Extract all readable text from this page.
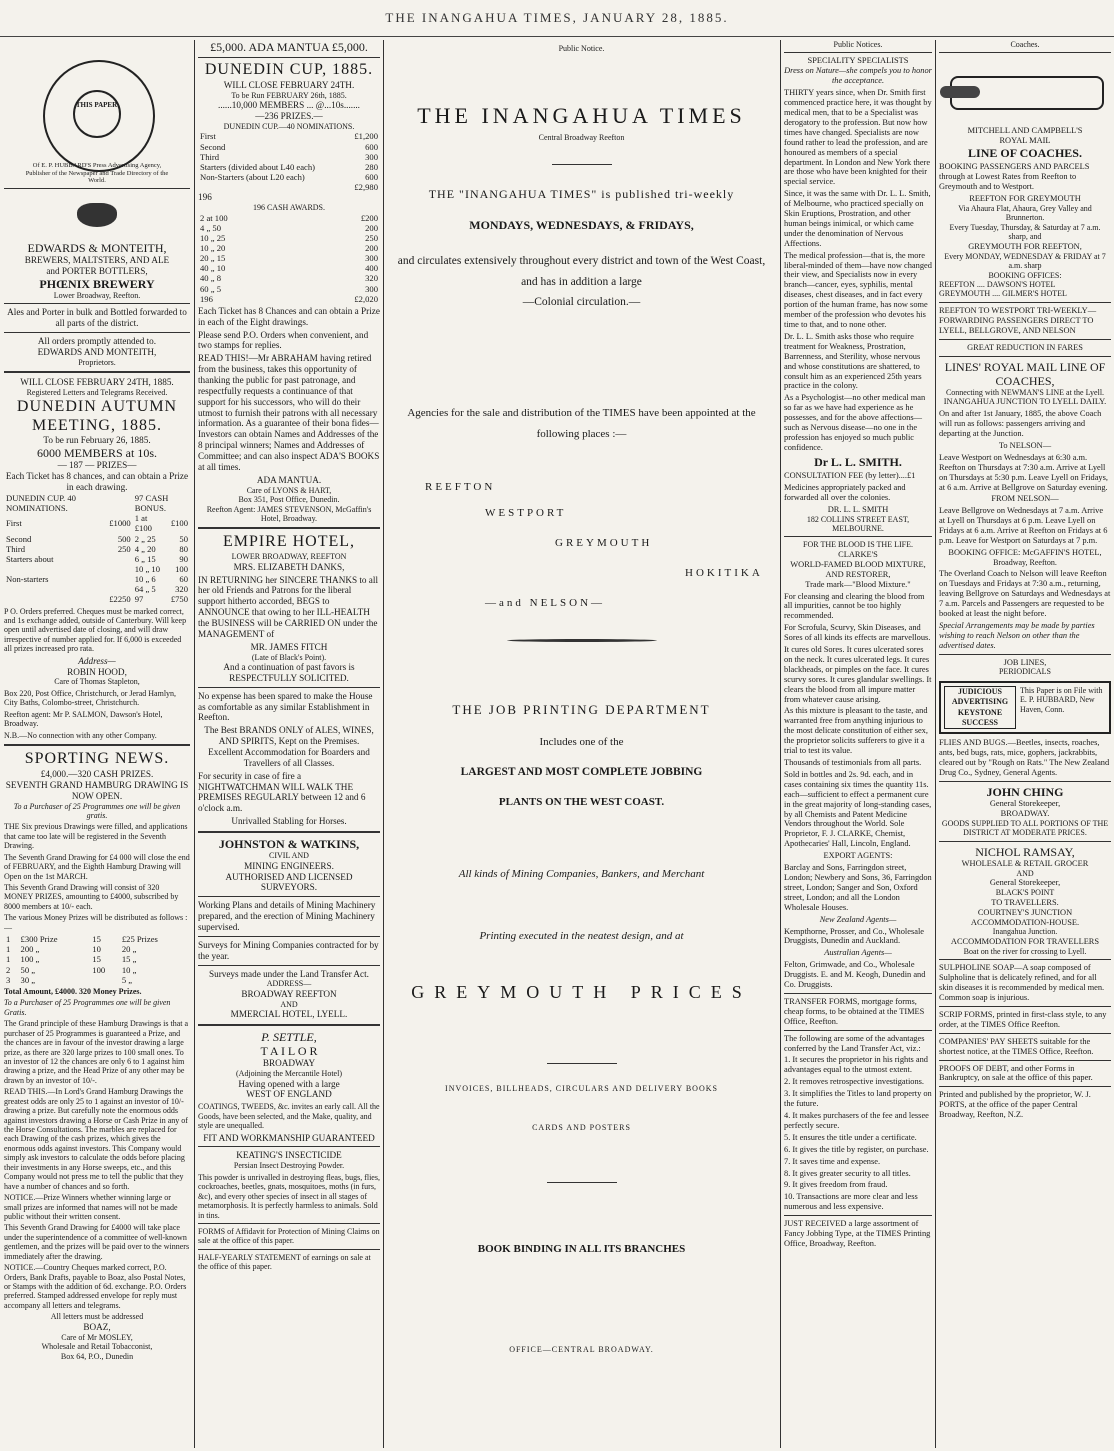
THE INANGAHUA TIMES, JANUARY 28, 1885.
THIS PAPER
Of E. P. HUBBARD'S Press Advertising Agency, Publisher of the Newspaper and Trade Directory of the World.
EDWARDS & MONTEITH,
BREWERS, MALTSTERS, AND ALE
and PORTER BOTTLERS,
PHŒNIX BREWERY
Lower Broadway, Reefton.
Ales and Porter in bulk and Bottled forwarded to all parts of the district.
All orders promptly attended to.
EDWARDS AND MONTEITH,
Proprietors.
WILL CLOSE FEBRUARY 24TH, 1885.
Registered Letters and Telegrams Received.
DUNEDIN AUTUMN MEETING, 1885.
To be run February 26, 1885.
6000 MEMBERS at 10s.
— 187 — PRIZES—
Each Ticket has 8 chances, and can obtain a Prize in each drawing.
DUNEDIN CUP. 40 NOMINATIONS.		97 CASH BONUS.	
First	£1000	1 at £100	£100
Second	500	2 „ 25	50
Third	250	4 „ 20	80
Starters about		6 „ 15	90
		10 „ 10	100
Non-starters		10 „ 6	60
		64 „ 5	320
	£2250	97	£750
P O. Orders preferred. Cheques must be marked correct, and 1s exchange added, outside of Canterbury. Will keep open until advertised date of closing, and will draw irrespective of number applied for. If 6,000 is exceeded all prizes increased pro rata.
Address—
ROBIN HOOD,
Care of Thomas Stapleton,
Box 220, Post Office, Christchurch, or Jerad Hamlyn, City Baths, Colombo-street, Christchurch.
Reefton agent: Mr P. SALMON, Dawson's Hotel, Broadway.
N.B.—No connection with any other Company.
SPORTING NEWS.
£4,000.—320 CASH PRIZES.
SEVENTH GRAND HAMBURG DRAWING IS NOW OPEN.
To a Purchaser of 25 Programmes one will be given gratis.
THE Six previous Drawings were filled, and applications that came too late will be registered in the Seventh Drawing.
The Seventh Grand Drawing for £4 000 will close the end of FEBRUARY, and the Eighth Hamburg Drawing will Open on the 1st MARCH.
This Seventh Grand Drawing will consist of 320 MONEY PRIZES, amounting to £4000, subscribed by 8000 members at 10/- each.
The various Money Prizes will be distributed as follows :—
1	£300 Prize	15	£25 Prizes
1	200 „	10	20 „
1	100 „	15	15 „
2	50 „	100	10 „
3	30 „		5 „
Total Amount, £4000. 320 Money Prizes.
To a Purchaser of 25 Programmes one will be given Gratis.
The Grand principle of these Hamburg Drawings is that a purchaser of 25 Programmes is guaranteed a Prize, and the chances are in favour of the investor drawing a large prize, as there are 320 large prizes to 100 small ones. To an investor of 12 the chances are only 6 to 1 against him drawing a prize, and the Head Prize of any other may be drawn by an investor of 10/-.
READ THIS.—In Lord's Grand Hamburg Drawings the greatest odds are only 25 to 1 against an investor of 10/- drawing a prize. But carefully note the enormous odds against investors drawing a Horse or Cash Prize in any of the Horse Consultations. The marbles are replaced for each Drawing of the cash prizes, which gives the enormous odds against investors. This Company would simply ask investors to calculate the odds before placing their investments in any Horse sweeps, etc., and this Company would not press me to tell the public that they have a number of chances and so forth.
NOTICE.—Prize Winners whether winning large or small prizes are informed that names will not be made public without their written consent.
This Seventh Grand Drawing for £4000 will take place under the superintendence of a committee of well-known gentlemen, and the prizes will be paid over to the winners immediately after the drawing.
NOTICE.—Country Cheques marked correct, P.O. Orders, Bank Drafts, payable to Boaz, also Postal Notes, or Stamps with the addition of 6d. exchange. P.O. Orders preferred. Stamped addressed envelope for reply must accompany all letters and telegrams.
All letters must be addressed
BOAZ,
Care of Mr MOSLEY,
Wholesale and Retail Tobacconist,
Box 64, P.O., Dunedin
£5,000. ADA MANTUA £5,000.
DUNEDIN CUP, 1885.
WILL CLOSE FEBRUARY 24TH.
To be Run FEBRUARY 26th, 1885.
......10,000 MEMBERS ... @...10s.......
—236 PRIZES.—
DUNEDIN CUP.—40 NOMINATIONS.
First	£1,200
Second	600
Third	300
Starters (divided about L40 each)	280
Non-Starters (about L20 each)	600
	£2,980
196
196 CASH AWARDS.
2 at 100	£200
4 „ 50	200
10 „ 25	250
10 „ 20	200
20 „ 15	300
40 „ 10	400
40 „ 8	320
60 „ 5	300
196	£2,020
Each Ticket has 8 Chances and can obtain a Prize in each of the Eight drawings.
Please send P.O. Orders when convenient, and two stamps for replies.
READ THIS!—Mr ABRAHAM having retired from the business, takes this opportunity of thanking the public for past patronage, and respectfully requests a continuance of that support for his successors, who will do their utmost to furnish their patrons with all necessary information. As a guarantee of their bona fides—Investors can obtain Names and Addresses of the 8 principal winners; Names and Addresses of Committee; and can also inspect ADA'S BOOKS at all times.
ADA MANTUA.
Care of LYONS & HART,
Box 351, Post Office, Dunedin.
Reefton Agent: JAMES STEVENSON, McGaffin's Hotel, Broadway.
EMPIRE HOTEL,
LOWER BROADWAY, REEFTON
MRS. ELIZABETH DANKS,
IN RETURNING her SINCERE THANKS to all her old Friends and Patrons for the liberal support hitherto accorded, BEGS to ANNOUNCE that owing to her ILL-HEALTH the BUSINESS will be CARRIED ON under the MANAGEMENT of
MR. JAMES FITCH
(Late of Black's Point).
And a continuation of past favors is RESPECTFULLY SOLICITED.
No expense has been spared to make the House as comfortable as any similar Establishment in Reefton.
The Best BRANDS ONLY of ALES, WINES, AND SPIRITS, Kept on the Premises.
Excellent Accommodation for Boarders and Travellers of all Classes.
For security in case of fire a NIGHTWATCHMAN WILL WALK THE PREMISES REGULARLY between 12 and 6 o'clock a.m.
Unrivalled Stabling for Horses.
JOHNSTON & WATKINS,
CIVIL AND
MINING ENGINEERS.
AUTHORISED AND LICENSED SURVEYORS.
Working Plans and details of Mining Machinery prepared, and the erection of Mining Machinery supervised.
Surveys for Mining Companies contracted for by the year.
Surveys made under the Land Transfer Act.
ADDRESS—
BROADWAY REEFTON
AND
MMERCIAL HOTEL, LYELL.
P. SETTLE,
T A I L O R
BROADWAY
(Adjoining the Mercantile Hotel)
Having opened with a large
WEST OF ENGLAND
COATINGS, TWEEDS, &c. invites an early call. All the Goods, have been selected, and the Make, quality, and style are unequalled.
FIT AND WORKMANSHIP GUARANTEED
KEATING'S INSECTICIDE
Persian Insect Destroying Powder.
This powder is unrivalled in destroying fleas, bugs, flies, cockroaches, beetles, gnats, mosquitoes, moths (in furs, &c), and every other species of insect in all stages of metamorphosis. It is perfectly harmless to animals. Sold in tins.
FORMS of Affidavit for Protection of Mining Claims on sale at the office of this paper.
HALF-YEARLY STATEMENT of earnings on sale at the office of this paper.
Public Notice.
THE INANGAHUA TIMES
Central Broadway Reefton
THE "INANGAHUA TIMES" is published tri-weekly
MONDAYS, WEDNESDAYS, & FRIDAYS,
and circulates extensively throughout every district and town of the West Coast, and has in addition a large
—Colonial circulation.—
Agencies for the sale and distribution of the TIMES have been appointed at the following places :—
REEFTON
WESTPORT
GREYMOUTH
HOKITIKA
—and NELSON—
THE JOB PRINTING DEPARTMENT
Includes one of the
LARGEST AND MOST COMPLETE JOBBING
PLANTS ON THE WEST COAST.
All kinds of Mining Companies, Bankers, and Merchant
Printing executed in the neatest design, and at
GREYMOUTH PRICES
INVOICES, BILLHEADS, CIRCULARS AND DELIVERY BOOKS
CARDS AND POSTERS
BOOK BINDING IN ALL ITS BRANCHES
OFFICE—CENTRAL BROADWAY.
Public Notices.
SPECIALITY SPECIALISTS
Dress on Nature—she compels you to honor the acceptance.
THIRTY years since, when Dr. Smith first commenced practice here, it was thought by medical men, that to be a Specialist was derogatory to the profession. But now how times have changed. Specialists are now found rather to lead the profession, and are honoured as members of a special department. In London and New York there are those who have been knighted for their special service.
Since, it was the same with Dr. L. L. Smith, of Melbourne, who practiced specially on Skin Eruptions, Prostration, and other human beings inimical, or which came under the denomination of Nervous Affections.
The medical profession—that is, the more liberal-minded of them—have now changed their view, and Specialists now in every branch—cancer, eyes, syphilis, mental diseases, chest diseases, and in fact every portion of the human frame, has now some member of the profession who devotes his time to that, and to none other.
Dr. L. L. Smith asks those who require treatment for Weakness, Prostration, Barrenness, and Sterility, whose nervous and whose constitutions are shattered, to consult him as an experienced 25th years practice in the colony.
As a Psychologist—no other medical man so far as we have had experience as he possesses, and for the above affections—such as Nervous disease—no one in the profession has enjoyed so much public confidence.
Dr L. L. SMITH.
CONSULTATION FEE (by letter)....£1
Medicines appropriately packed and forwarded all over the colonies.
DR. L. L. SMITH
182 COLLINS STREET EAST, MELBOURNE.
FOR THE BLOOD IS THE LIFE.
CLARKE'S
WORLD-FAMED BLOOD MIXTURE,
AND RESTORER,
Trade mark—"Blood Mixture."
For cleansing and clearing the blood from all impurities, cannot be too highly recommended.
For Scrofula, Scurvy, Skin Diseases, and Sores of all kinds its effects are marvellous.
It cures old Sores. It cures ulcerated sores on the neck. It cures ulcerated legs. It cures blackheads, or pimples on the face. It cures scurvy sores. It cures glandular swellings. It clears the blood from all impure matter from whatever cause arising.
As this mixture is pleasant to the taste, and warranted free from anything injurious to the most delicate constitution of either sex, the proprietor solicits sufferers to give it a trial to test its value.
Thousands of testimonials from all parts.
Sold in bottles and 2s. 9d. each, and in cases containing six times the quantity 11s. each—sufficient to effect a permanent cure in the great majority of long-standing cases, by all Chemists and Patent Medicine Vendors throughout the World. Sole Proprietor, F. J. CLARKE, Chemist, Apothecaries' Hall, Lincoln, England.
EXPORT AGENTS:
Barclay and Sons, Farringdon street, London; Newbery and Sons, 36, Farringdon street, London; Sanger and Son, Oxford street, London; and all the London Wholesale Houses.
New Zealand Agents—
Kempthorne, Prosser, and Co., Wholesale Druggists, Dunedin and Auckland.
Australian Agents—
Felton, Grimwade, and Co., Wholesale Druggists. E. and M. Keogh, Dunedin and Co. Druggists.
TRANSFER FORMS, mortgage forms, cheap forms, to be obtained at the TIMES Office, Reefton.
The following are some of the advantages conferred by the Land Transfer Act, viz.:
1. It secures the proprietor in his rights and advantages equal to the utmost extent.
2. It removes retrospective investigations.
3. It simplifies the Titles to land property on the future.
4. It makes purchasers of the fee and lessee perfectly secure.
5. It ensures the title under a certificate.
6. It gives the title by register, on purchase.
7. It saves time and expense.
8. It gives greater security to all titles.
9. It gives freedom from fraud.
10. Transactions are more clear and less numerous and less expensive.
JUST RECEIVED a large assortment of Fancy Jobbing Type, at the TIMES Printing Office, Broadway, Reefton.
Coaches.
MITCHELL AND CAMPBELL'S
ROYAL MAIL
LINE OF COACHES.
BOOKING PASSENGERS AND PARCELS through at Lowest Rates from Reefton to Greymouth and to Westport.
REEFTON FOR GREYMOUTH
Via Ahaura Flat, Ahaura, Grey Valley and Brunnerton.
Every Tuesday, Thursday, & Saturday at 7 a.m. sharp, and
GREYMOUTH FOR REEFTON,
Every MONDAY, WEDNESDAY & FRIDAY at 7 a.m. sharp
BOOKING OFFICES:
REEFTON .... DAWSON'S HOTEL
GREYMOUTH .... GILMER'S HOTEL
REEFTON TO WESTPORT TRI-WEEKLY—FORWARDING PASSENGERS DIRECT TO LYELL, BELLGROVE, AND NELSON
GREAT REDUCTION IN FARES
LINES' ROYAL MAIL LINE OF COACHES,
Connecting with NEWMAN'S LINE at the Lyell.
INANGAHUA JUNCTION TO LYELL DAILY.
On and after 1st January, 1885, the above Coach will run as follows: passengers arriving and departing at the Junction.
To NELSON—
Leave Westport on Wednesdays at 6:30 a.m. Reefton on Thursdays at 7:30 a.m. Arrive at Lyell on Thursdays at 5:30 p.m. Leave Lyell on Fridays, at 6 a.m. Arrive at Bellgrove on Saturday evening.
FROM NELSON—
Leave Bellgrove on Wednesdays at 7 a.m. Arrive at Lyell on Thursdays at 6 p.m. Leave Lyell on Fridays at 6 a.m. Arrive at Reefton on Fridays at 6 p.m. Leave for Westport on Saturdays at 7 p.m.
BOOKING OFFICE: McGAFFIN'S HOTEL,
Broadway, Reefton.
The Overland Coach to Nelson will leave Reefton on Tuesdays and Fridays at 7:30 a.m., returning, leaving Bellgrove on Saturdays and Wednesdays at 7 a.m. Parcels and Passengers are requested to be booked at least the night before.
Special Arrangements may be made by parties wishing to reach Nelson on other than the advertised dates.
JOB LINES,
PERIODICALS
JUDICIOUS
ADVERTISING
KEYSTONE
SUCCESS
This Paper is on File with E. P. HUBBARD, New Haven, Conn.
FLIES AND BUGS.—Beetles, insects, roaches, ants, bed bugs, rats, mice, gophers, jackrabbits, cleared out by "Rough on Rats." The New Zealand Drug Co., Sydney, General Agents.
JOHN CHING
General Storekeeper,
BROADWAY.
GOODS SUPPLIED TO ALL PORTIONS OF THE DISTRICT AT MODERATE PRICES.
NICHOL RAMSAY,
WHOLESALE & RETAIL GROCER
AND
General Storekeeper,
BLACK'S POINT
TO TRAVELLERS.
COURTNEY'S JUNCTION ACCOMMODATION-HOUSE.
Inangahua Junction.
ACCOMMODATION FOR TRAVELLERS
Boat on the river for crossing to Lyell.
SULPHOLINE SOAP—A soap composed of Sulpholine that is delicately refined, and for all skin diseases it is recommended by medical men. Common soap is injurious.
SCRIP FORMS, printed in first-class style, to any order, at the TIMES Office Reefton.
COMPANIES' PAY SHEETS suitable for the shortest notice, at the TIMES Office, Reefton.
PROOFS OF DEBT, and other Forms in Bankruptcy, on sale at the office of this paper.
Printed and published by the proprietor, W. J. PORTS, at the office of the paper Central Broadway, Reefton, N.Z.
